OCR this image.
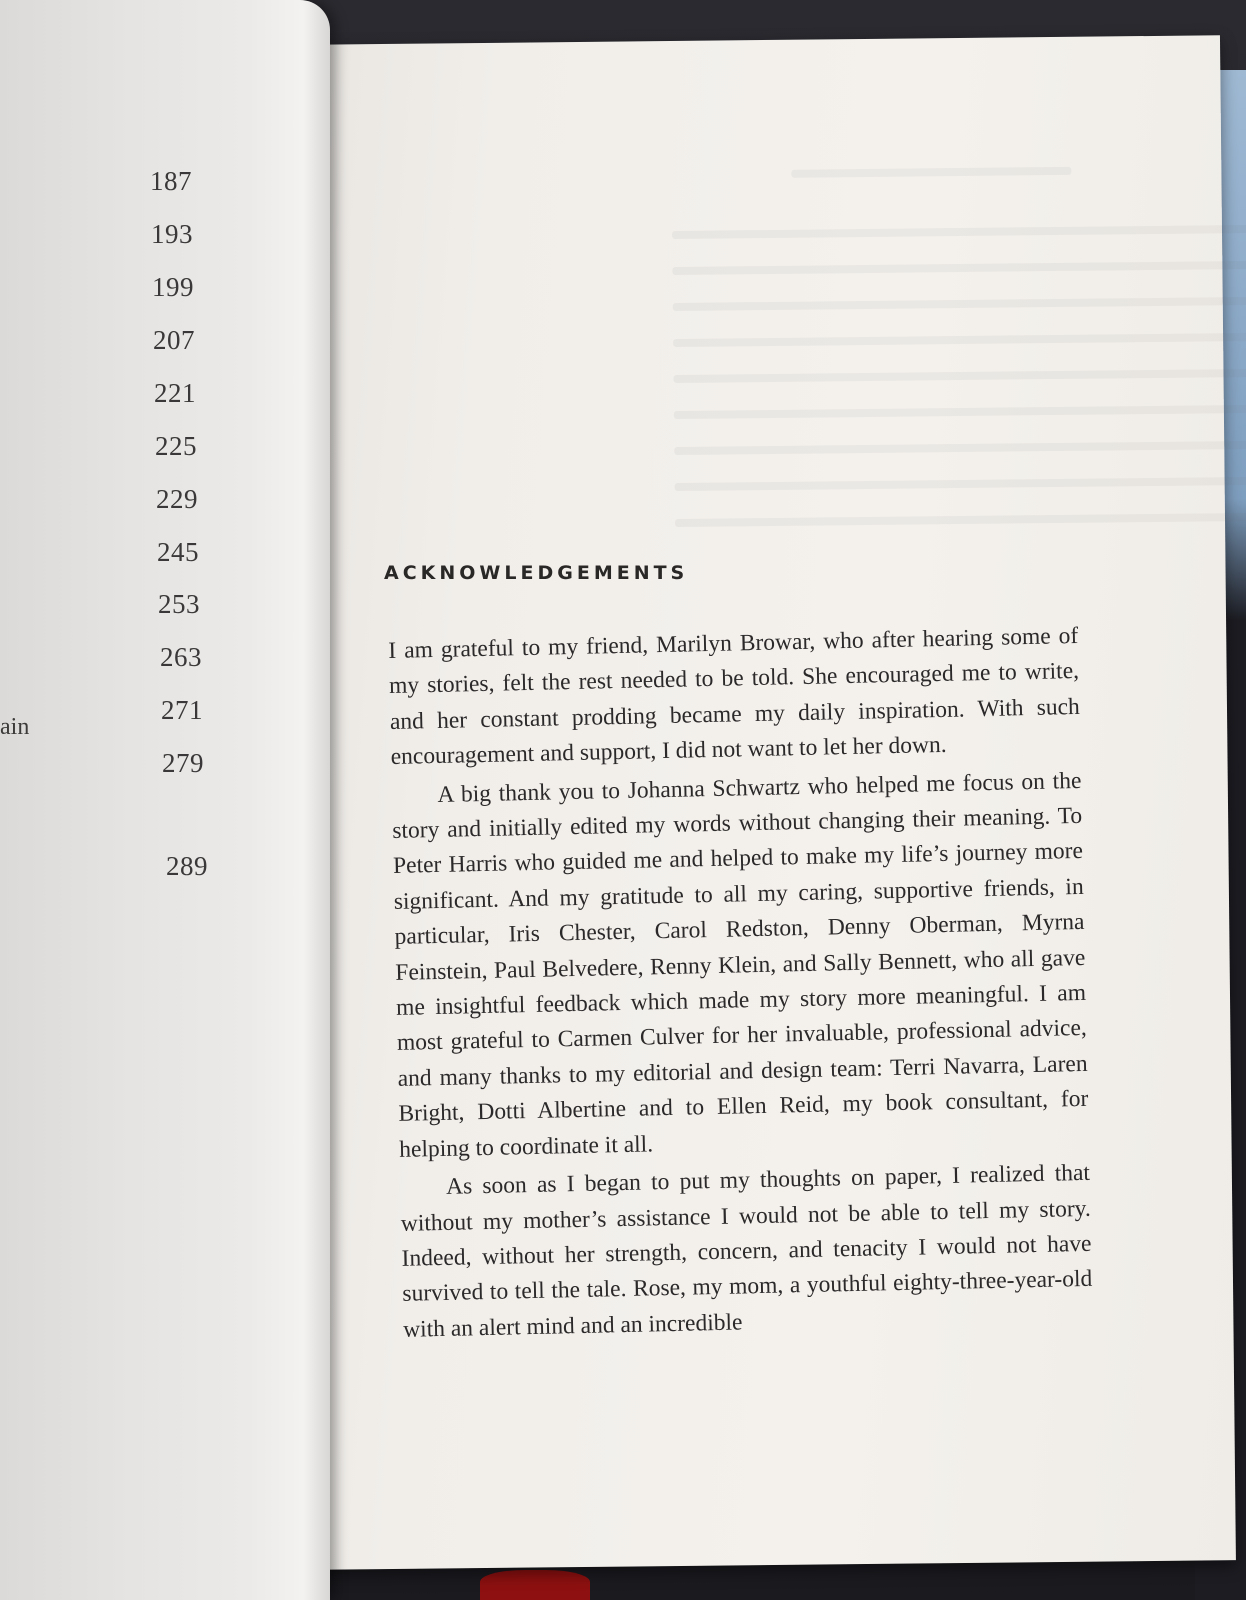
187
193
199
207
221
225
229
245
253
263
271
279
289
ain
ACKNOWLEDGEMENTS

I am grateful to my friend, Marilyn Browar, who after hearing some of my stories, felt the rest needed to be told. She encouraged me to write, and her constant prodding became my daily inspiration. With such encouragement and support, I did not want to let her down.

A big thank you to Johanna Schwartz who helped me focus on the story and initially edited my words without changing their meaning. To Peter Harris who guided me and helped to make my life’s journey more significant. And my gratitude to all my caring, supportive friends, in particular, Iris Chester, Carol Redston, Denny Oberman, Myrna Feinstein, Paul Belvedere, Renny Klein, and Sally Bennett, who all gave me insightful feedback which made my story more meaningful. I am most grateful to Carmen Culver for her invaluable, professional advice, and many thanks to my editorial and design team: Terri Navarra, Laren Bright, Dotti Albertine and to Ellen Reid, my book consultant, for helping to coordinate it all.

As soon as I began to put my thoughts on paper, I realized that without my mother’s assistance I would not be able to tell my story. Indeed, without her strength, concern, and tenacity I would not have survived to tell the tale. Rose, my mom, a youthful eighty-three-year-old with an alert mind and an incredible
